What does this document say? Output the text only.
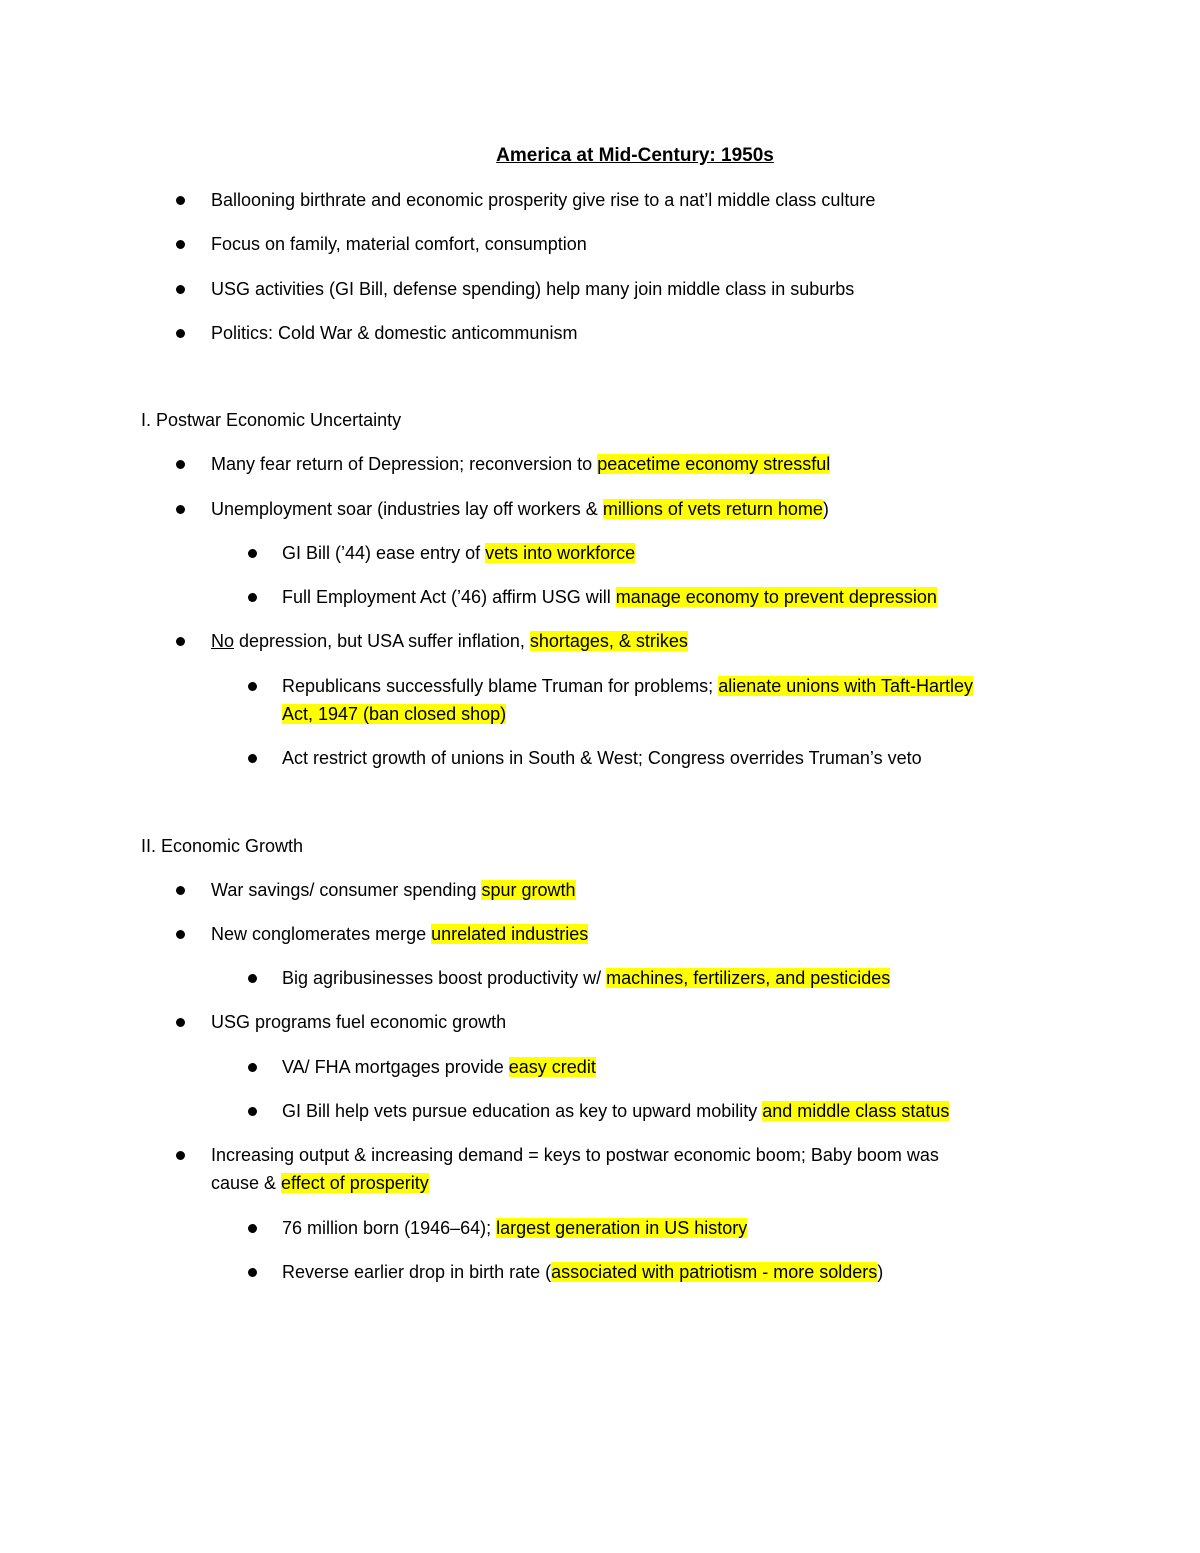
America at Mid-Century: 1950s
Ballooning birthrate and economic prosperity give rise to a nat’l middle class culture
Focus on family, material comfort, consumption
USG activities (GI Bill, defense spending) help many join middle class in suburbs
Politics: Cold War & domestic anticommunism
I. Postwar Economic Uncertainty
Many fear return of Depression; reconversion to peacetime economy stressful
Unemployment soar (industries lay off workers & millions of vets return home)
GI Bill (’44) ease entry of vets into workforce
Full Employment Act (’46) affirm USG will manage economy to prevent depression
No depression, but USA suffer inflation, shortages, & strikes
Republicans successfully blame Truman for problems; alienate unions with Taft-Hartley
Act, 1947 (ban closed shop)
Act restrict growth of unions in South & West; Congress overrides Truman’s veto
II. Economic Growth
War savings/ consumer spending spur growth
New conglomerates merge unrelated industries
Big agribusinesses boost productivity w/ machines, fertilizers, and pesticides
USG programs fuel economic growth
VA/ FHA mortgages provide easy credit
GI Bill help vets pursue education as key to upward mobility and middle class status
Increasing output & increasing demand = keys to postwar economic boom; Baby boom was
cause & effect of prosperity
76 million born (1946–64); largest generation in US history
Reverse earlier drop in birth rate (associated with patriotism - more solders)
